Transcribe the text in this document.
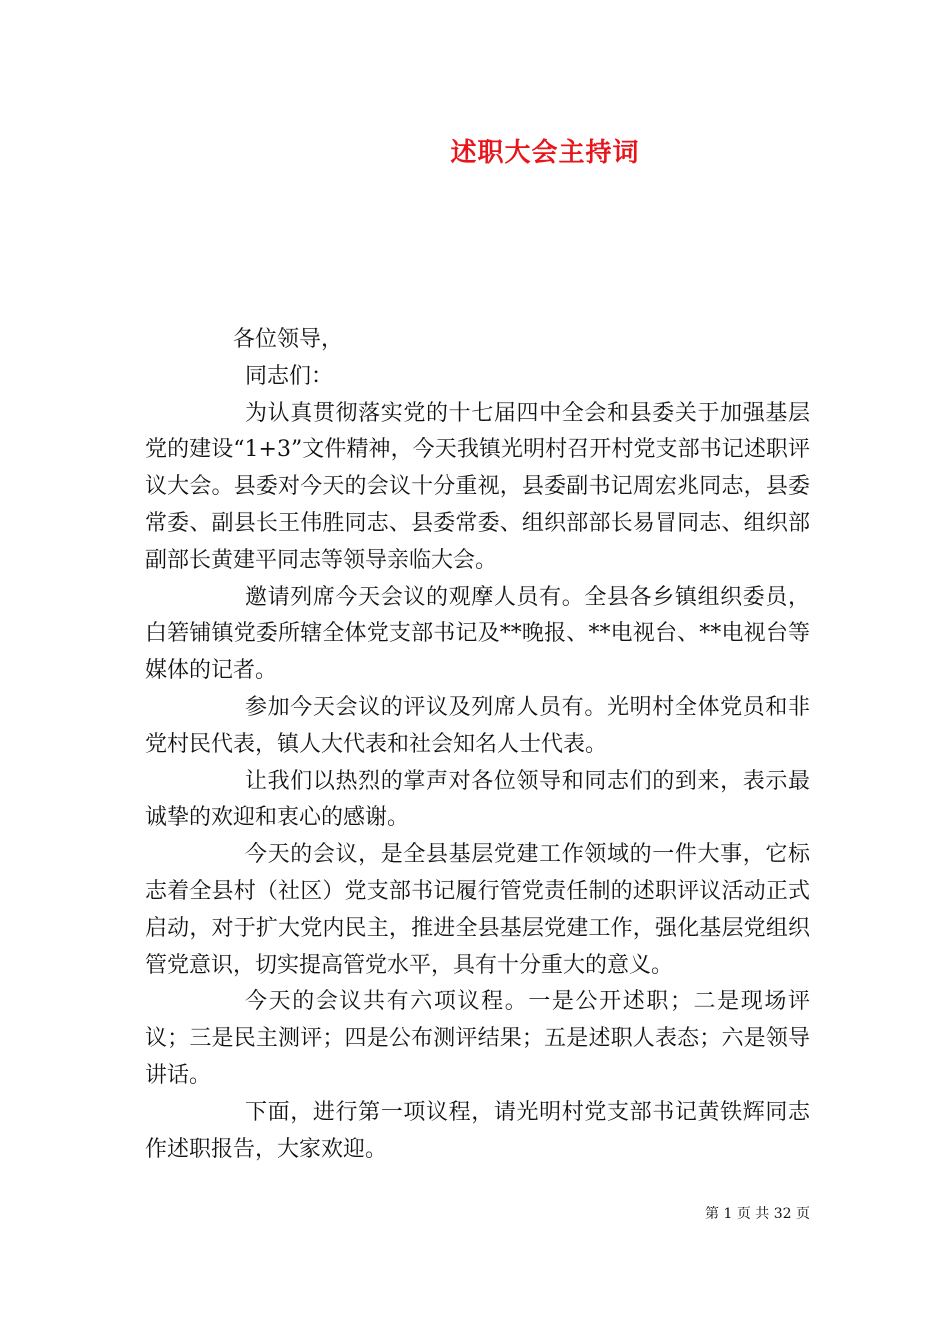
述职大会主持词

各位领导，

同志们：

为认真贯彻落实党的十七届四中全会和县委关于加强基层党的建设“1+3”文件精神，今天我镇光明村召开村党支部书记述职评议大会。县委对今天的会议十分重视，县委副书记周宏兆同志，县委常委、副县长王伟胜同志、县委常委、组织部部长易冒同志、组织部副部长黄建平同志等领导亲临大会。

邀请列席今天会议的观摩人员有。全县各乡镇组织委员，白箬铺镇党委所辖全体党支部书记及**晚报、**电视台、**电视台等媒体的记者。

参加今天会议的评议及列席人员有。光明村全体党员和非党村民代表，镇人大代表和社会知名人士代表。

让我们以热烈的掌声对各位领导和同志们的到来，表示最诚挚的欢迎和衷心的感谢。

今天的会议，是全县基层党建工作领域的一件大事，它标志着全县村（社区）党支部书记履行管党责任制的述职评议活动正式启动，对于扩大党内民主，推进全县基层党建工作，强化基层党组织管党意识，切实提高管党水平，具有十分重大的意义。

今天的会议共有六项议程。一是公开述职；二是现场评议；三是民主测评；四是公布测评结果；五是述职人表态；六是领导讲话。

下面，进行第一项议程，请光明村党支部书记黄铁辉同志作述职报告，大家欢迎。

第 1 页 共 32 页
